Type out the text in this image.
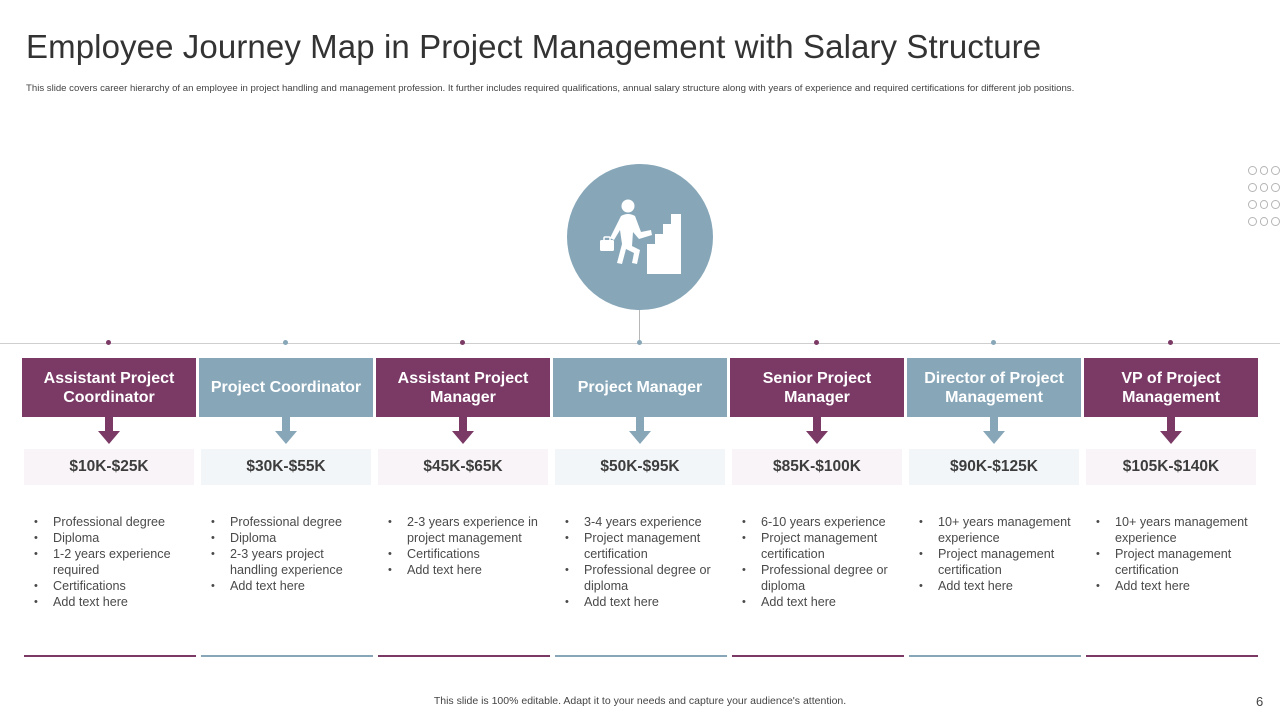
Employee Journey Map in Project Management with Salary Structure
This slide covers career hierarchy of an employee in project handling and management profession. It further includes required qualifications, annual salary structure along with years of experience and required certifications for different job positions.
Assistant Project Coordinator
$10K-$25K
• Professional degree
• Diploma
• 1-2 years experience required
• Certifications
• Add text here
Project Coordinator
$30K-$55K
• Professional degree
• Diploma
• 2-3 years project handling experience
• Add text here
Assistant Project Manager
$45K-$65K
• 2-3 years experience in project management
• Certifications
• Add text here
Project Manager
$50K-$95K
• 3-4 years experience
• Project management certification
• Professional degree or diploma
• Add text here
Senior Project Manager
$85K-$100K
• 6-10 years experience
• Project management certification
• Professional degree or diploma
• Add text here
Director of Project Management
$90K-$125K
• 10+ years management experience
• Project management certification
• Add text here
VP of Project Management
$105K-$140K
• 10+ years management experience
• Project management certification
• Add text here
This slide is 100% editable. Adapt it to your needs and capture your audience's attention.	6
